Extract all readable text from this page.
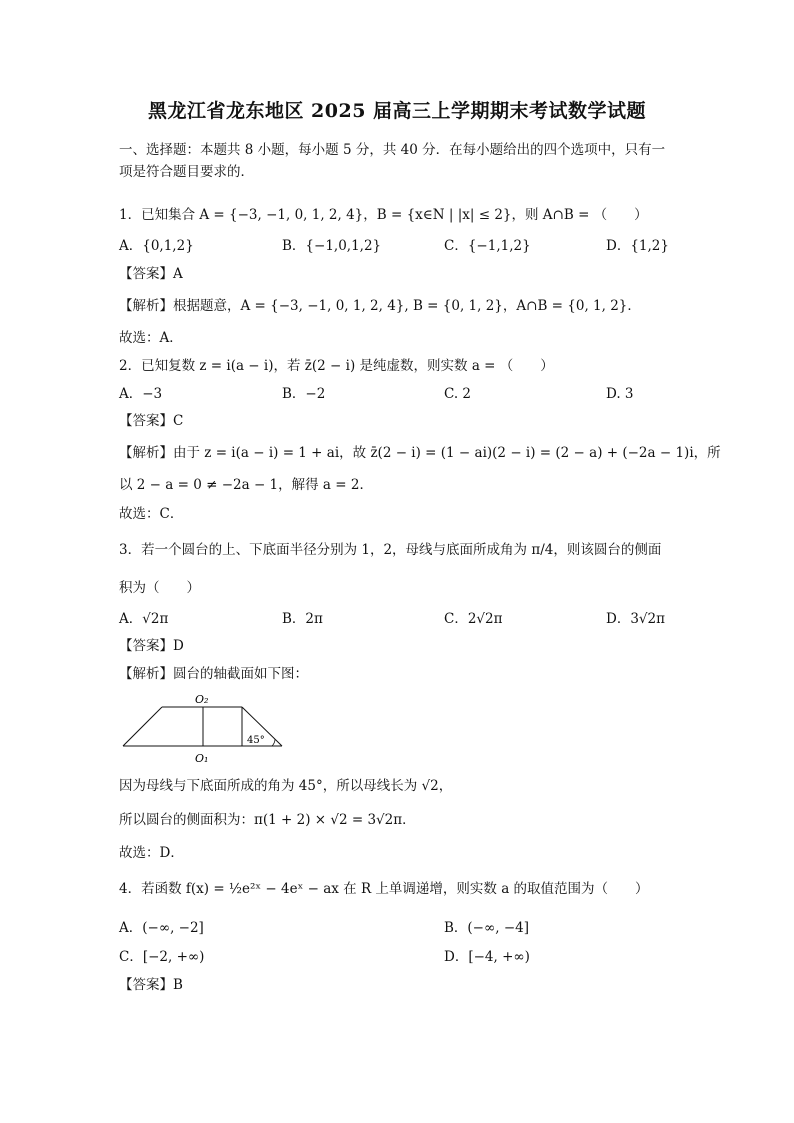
黑龙江省龙东地区 2025 届高三上学期期末考试数学试题
一、选择题：本题共 8 小题，每小题 5 分，共 40 分．在每小题给出的四个选项中，只有一
项是符合题目要求的．
1．已知集合 A = {−3, −1, 0, 1, 2, 4}，B = {x∈N | |x| ≤ 2}，则 A∩B = （　　）
A．{0,1,2}	B．{−1,0,1,2}	C．{−1,1,2}	D．{1,2}
【答案】A
【解析】根据题意，A = {−3, −1, 0, 1, 2, 4}, B = {0, 1, 2}，A∩B = {0, 1, 2}．
故选：A．
2．已知复数 z = i(a − i)，若 z̄(2 − i) 是纯虚数，则实数 a = （　　）
A．−3	B．−2	C. 2	D. 3
【答案】C
【解析】由于 z = i(a − i) = 1 + ai，故 z̄(2 − i) = (1 − ai)(2 − i) = (2 − a) + (−2a − 1)i，所
以 2 − a = 0 ≠ −2a − 1，解得 a = 2．
故选：C．
3．若一个圆台的上、下底面半径分别为 1，2，母线与底面所成角为 π/4，则该圆台的侧面
积为（　　）
A．√2π	B．2π	C．2√2π	D．3√2π
【答案】D
【解析】圆台的轴截面如下图：
O₂
O₁
45°
因为母线与下底面所成的角为 45°，所以母线长为 √2，
所以圆台的侧面积为：π(1 + 2) × √2 = 3√2π．
故选：D．
4．若函数 f(x) = ½e²ˣ − 4eˣ − ax 在 R 上单调递增，则实数 a 的取值范围为（　　）
A．(−∞, −2]	B．(−∞, −4]
C．[−2, +∞)	D．[−4, +∞)
【答案】B
